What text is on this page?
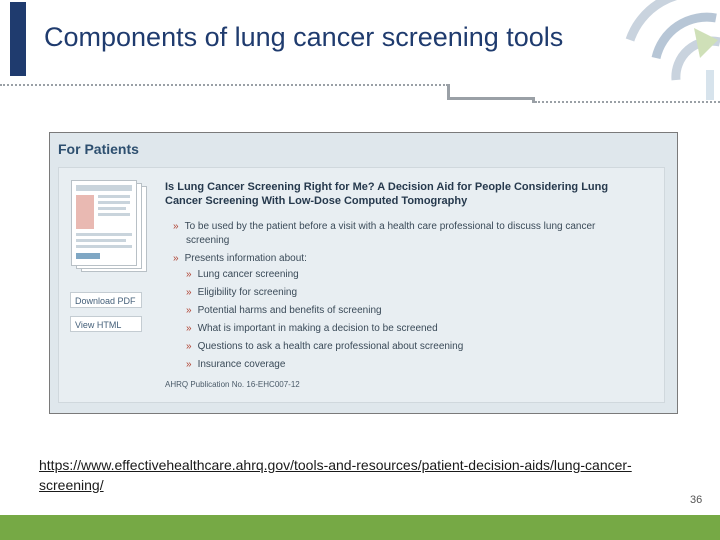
Components of lung cancer screening tools
For Patients
Download PDF
View HTML
Is Lung Cancer Screening Right for Me? A Decision Aid for People Considering Lung Cancer Screening With Low-Dose Computed Tomography
» To be used by the patient before a visit with a health care professional to discuss lung cancer
screening
» Presents information about:
» Lung cancer screening
» Eligibility for screening
» Potential harms and benefits of screening
» What is important in making a decision to be screened
» Questions to ask a health care professional about screening
» Insurance coverage
AHRQ Publication No. 16-EHC007-12
https://www.effectivehealthcare.ahrq.gov/tools-and-resources/patient-decision-aids/lung-cancer-screening/
36
